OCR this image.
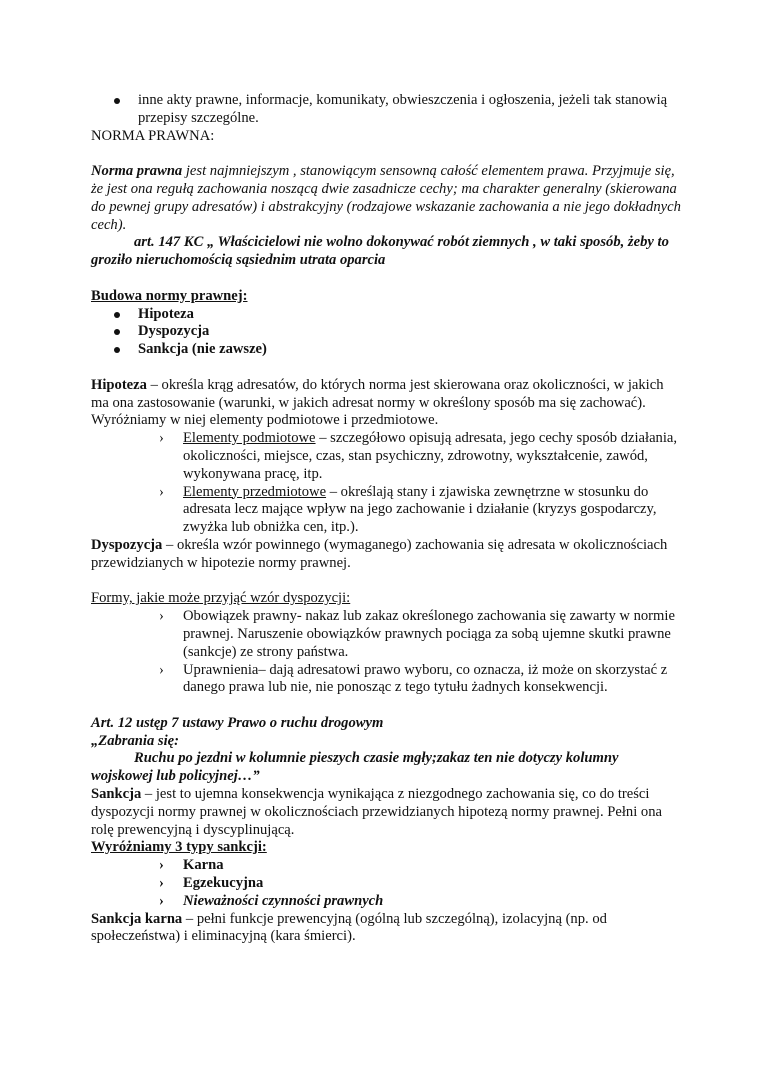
inne akty prawne, informacje, komunikaty, obwieszczenia i ogłoszenia, jeżeli tak stanowią przepisy szczególne.

NORMA PRAWNA:

Norma prawna jest najmniejszym , stanowiącym sensowną całość elementem prawa. Przyjmuje się, że jest ona regułą zachowania noszącą dwie zasadnicze cechy; ma charakter generalny (skierowana do pewnej grupy adresatów) i abstrakcyjny (rodzajowe wskazanie zachowania a nie jego dokładnych cech).

art. 147 KC „ Właścicielowi nie wolno dokonywać robót ziemnych , w taki sposób, żeby to groziło nieruchomością sąsiednim utrata oparcia

Budowa normy prawnej:

Hipoteza
Dyspozycja
Sankcja (nie zawsze)

Hipoteza – określa krąg adresatów, do których norma jest skierowana oraz okoliczności, w jakich ma ona zastosowanie (warunki, w jakich adresat normy w określony sposób ma się zachować). Wyróżniamy w niej elementy podmiotowe i przedmiotowe.

› Elementy podmiotowe – szczegółowo opisują adresata, jego cechy sposób działania, okoliczności, miejsce, czas, stan psychiczny, zdrowotny, wykształcenie, zawód, wykonywana pracę, itp.
› Elementy przedmiotowe – określają stany i zjawiska zewnętrzne w stosunku do adresata lecz mające wpływ na jego zachowanie i działanie (kryzys gospodarczy, zwyżka lub obniżka cen, itp.).

Dyspozycja – określa wzór powinnego (wymaganego) zachowania się adresata w okolicznościach przewidzianych w hipotezie normy prawnej.

Formy, jakie może przyjąć wzór dyspozycji:

› Obowiązek prawny- nakaz lub zakaz określonego zachowania się zawarty w normie prawnej. Naruszenie obowiązków prawnych pociąga za sobą ujemne skutki prawne (sankcje) ze strony państwa.
› Uprawnienia– dają adresatowi prawo wyboru, co oznacza, iż może on skorzystać z danego prawa lub nie, nie ponosząc z tego tytułu żadnych konsekwencji.

Art. 12 ustęp 7 ustawy Prawo o ruchu drogowym

„Zabrania się:

Ruchu po jezdni w kolumnie pieszych czasie mgły;zakaz ten nie dotyczy kolumny wojskowej lub policyjnej…”

Sankcja – jest to ujemna konsekwencja wynikająca z niezgodnego zachowania się, co do treści dyspozycji normy prawnej w okolicznościach przewidzianych hipotezą normy prawnej. Pełni ona rolę prewencyjną i dyscyplinującą.

Wyróżniamy 3 typy sankcji:

› Karna
› Egzekucyjna
› Nieważności czynności prawnych

Sankcja karna – pełni funkcje prewencyjną (ogólną lub szczególną), izolacyjną (np. od społeczeństwa) i eliminacyjną (kara śmierci).
